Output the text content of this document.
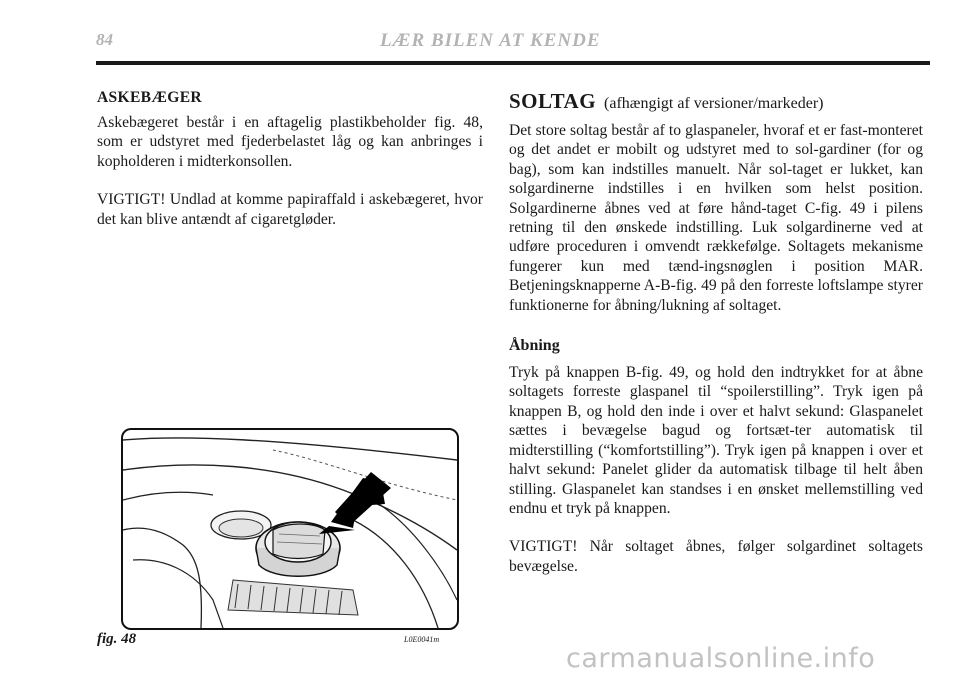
84	LÆR BILEN AT KENDE
ASKEBÆGER

Askebægeret består i en aftagelig plastikbeholder fig. 48, som er udstyret med fjederbelastet låg og kan anbringes i kopholderen i midterkonsollen.

VIGTIGT! Undlad at komme papiraffald i askebægeret, hvor det kan blive antændt af cigaretgløder.

fig. 48	L0E0041m
SOLTAG (afhængigt af versioner/markeder)

Det store soltag består af to glaspaneler, hvoraf et er fast-monteret og det andet er mobilt og udstyret med to sol-gardiner (for og bag), som kan indstilles manuelt. Når sol-taget er lukket, kan solgardinerne indstilles i en hvilken som helst position. Solgardinerne åbnes ved at føre hånd-taget C-fig. 49 i pilens retning til den ønskede indstilling. Luk solgardinerne ved at udføre proceduren i omvendt rækkefølge. Soltagets mekanisme fungerer kun med tænd-ingsnøglen i position MAR. Betjeningsknapperne A-B-fig. 49 på den forreste loftslampe styrer funktionerne for åbning/lukning af soltaget.

Åbning

Tryk på knappen B-fig. 49, og hold den indtrykket for at åbne soltagets forreste glaspanel til “spoilerstilling”. Tryk igen på knappen B, og hold den inde i over et halvt sekund: Glaspanelet sættes i bevægelse bagud og fortsæt-ter automatisk til midterstilling (“komfortstilling”). Tryk igen på knappen i over et halvt sekund: Panelet glider da automatisk tilbage til helt åben stilling. Glaspanelet kan standses i en ønsket mellemstilling ved endnu et tryk på knappen.

VIGTIGT! Når soltaget åbnes, følger solgardinet soltagets bevægelse.

carmanualsonline.info
